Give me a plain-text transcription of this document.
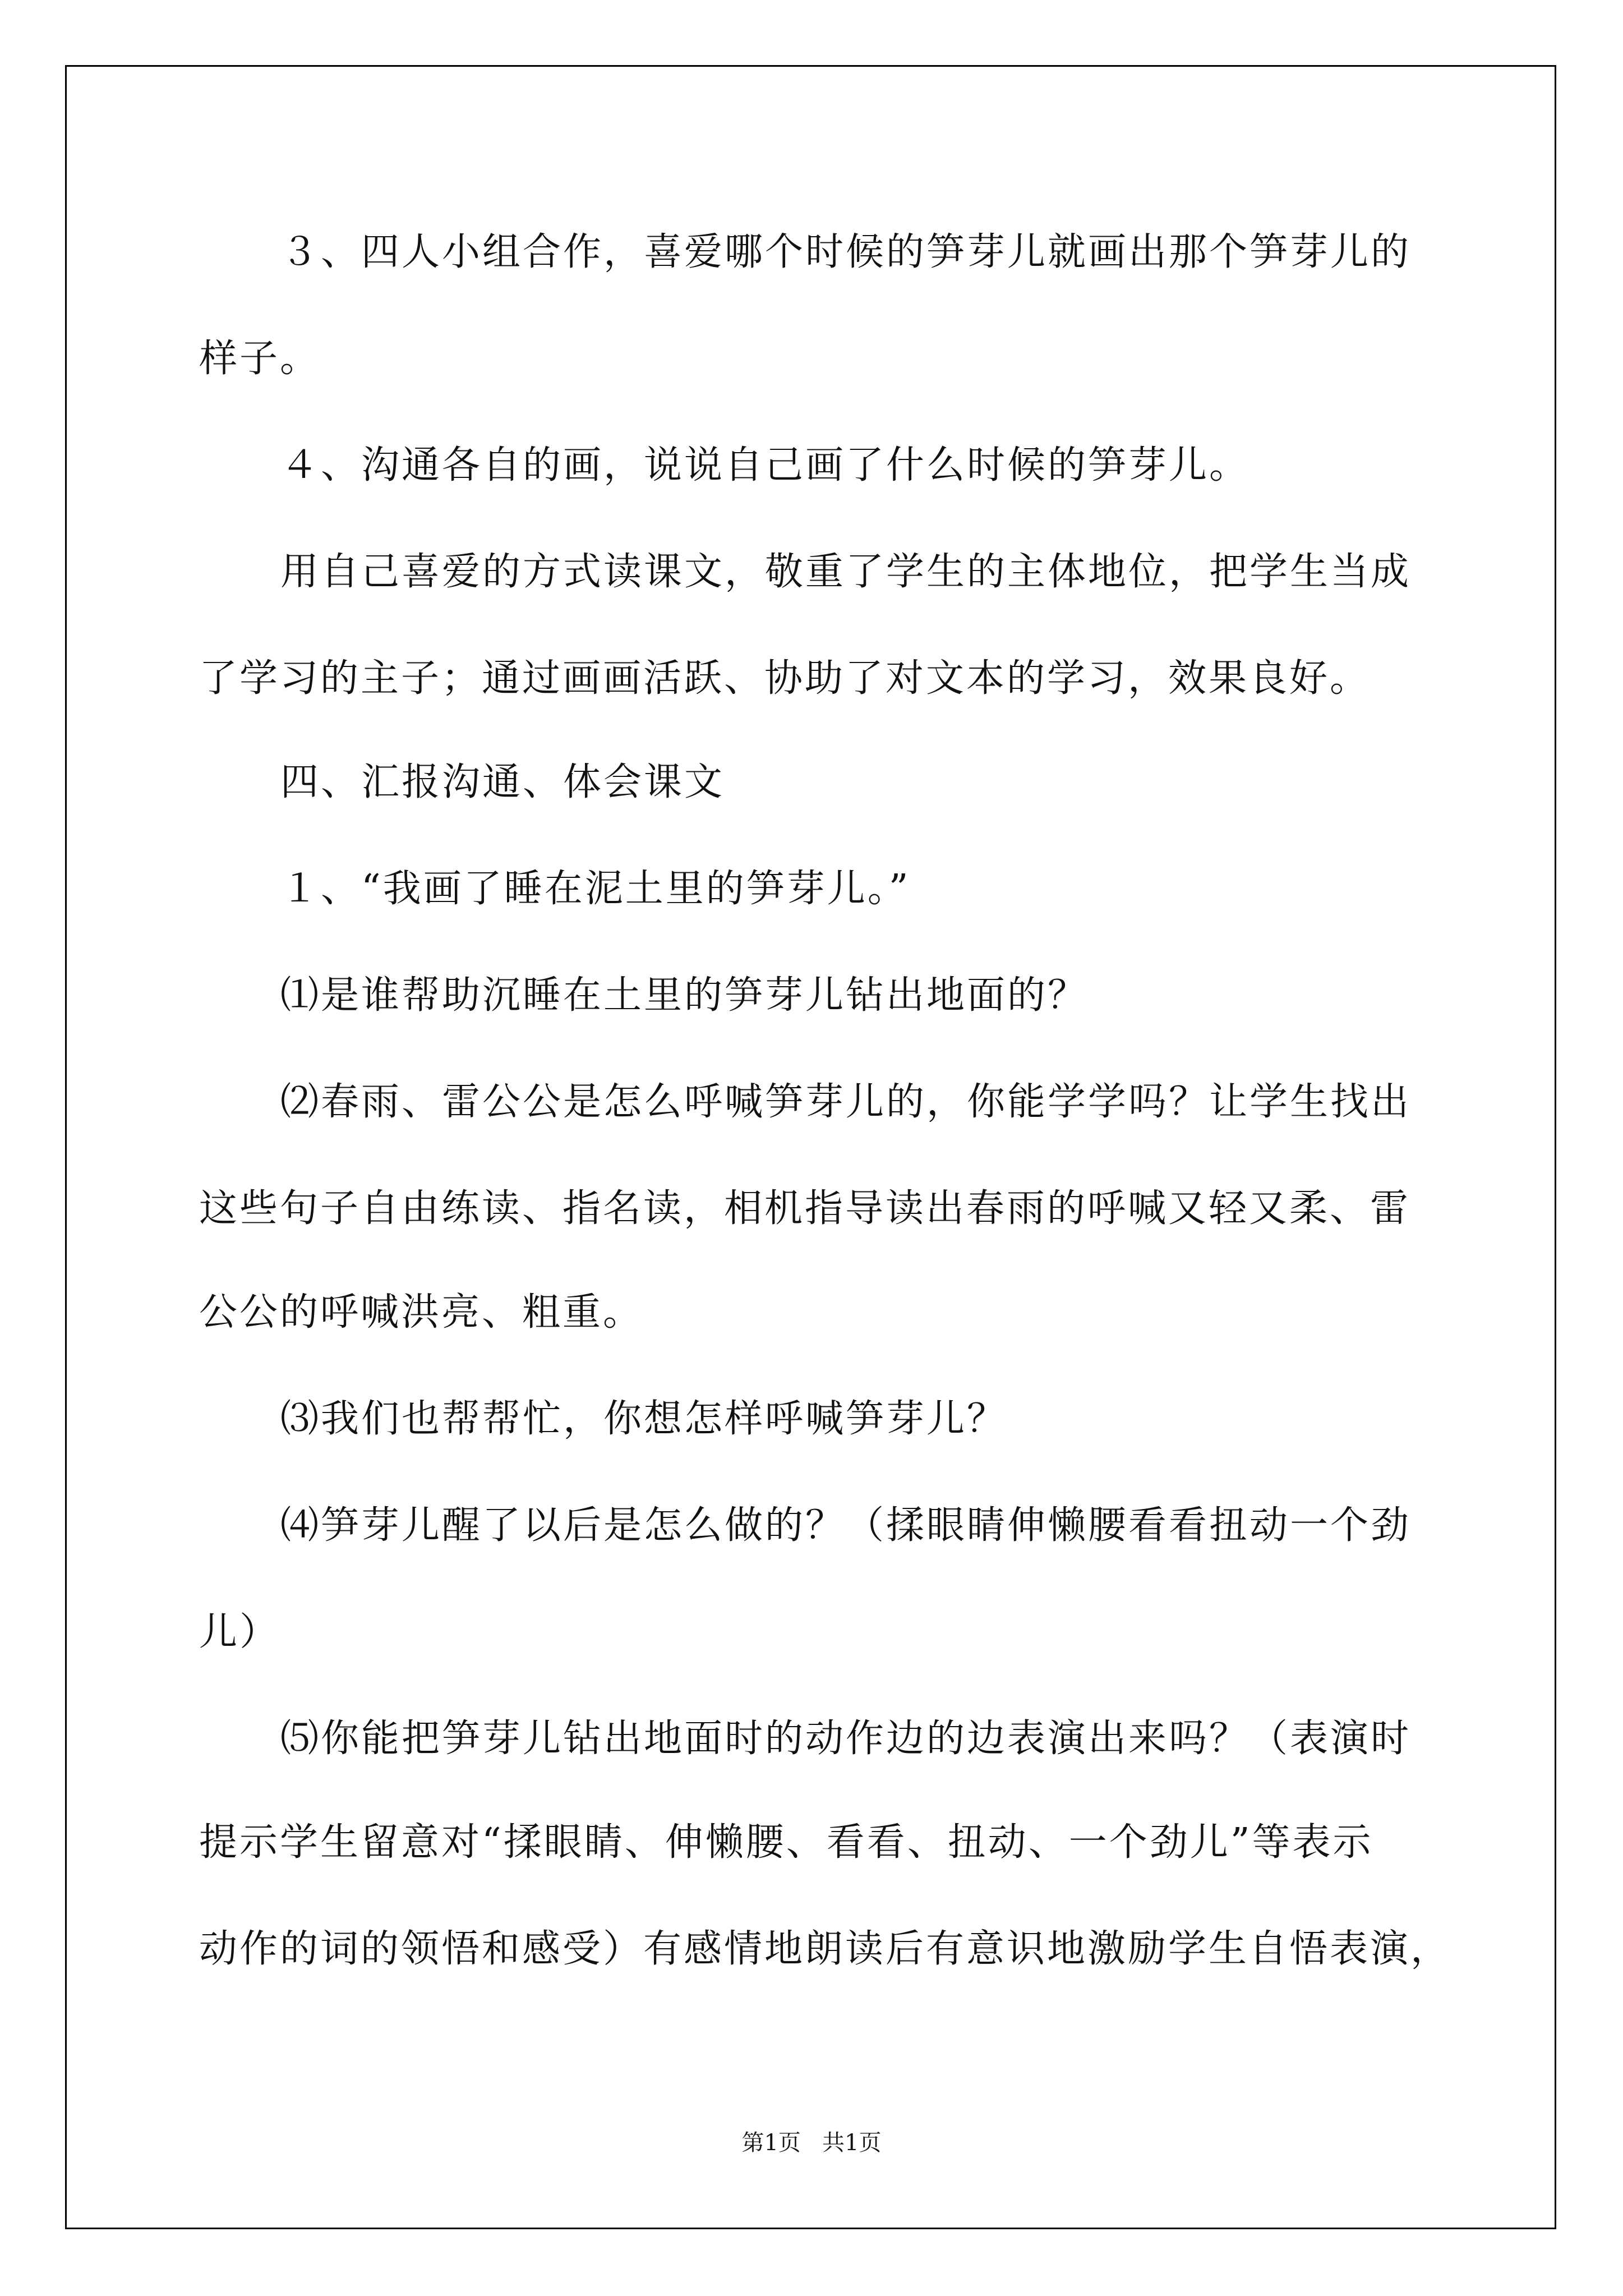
３、四人小组合作，喜爱哪个时候的笋芽儿就画出那个笋芽儿的
样子。
４、沟通各自的画，说说自己画了什么时候的笋芽儿。
用自己喜爱的方式读课文，敬重了学生的主体地位，把学生当成
了学习的主子；通过画画活跃、协助了对文本的学习，效果良好。
四、汇报沟通、体会课文
１、“我画了睡在泥土里的笋芽儿。”
⑴是谁帮助沉睡在土里的笋芽儿钻出地面的？
⑵春雨、雷公公是怎么呼喊笋芽儿的，你能学学吗？让学生找出
这些句子自由练读、指名读，相机指导读出春雨的呼喊又轻又柔、雷
公公的呼喊洪亮、粗重。
⑶我们也帮帮忙，你想怎样呼喊笋芽儿？
⑷笋芽儿醒了以后是怎么做的？（揉眼睛伸懒腰看看扭动一个劲
儿）
⑸你能把笋芽儿钻出地面时的动作边的边表演出来吗？（表演时
提示学生留意对“揉眼睛、伸懒腰、看看、扭动、一个劲儿”等表示
动作的词的领悟和感受）有感情地朗读后有意识地激励学生自悟表演，
第1页   共1页
